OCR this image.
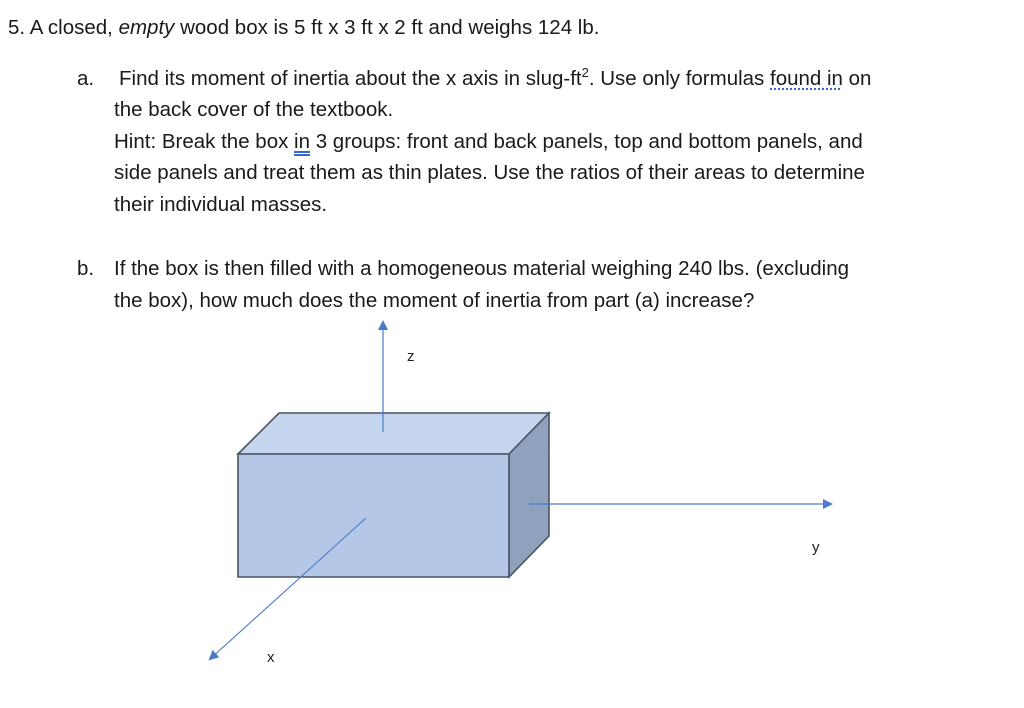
5. A closed, empty wood box is 5 ft x 3 ft x 2 ft and weighs 124 lb.
a. Find its moment of inertia about the x axis in slug-$ft^2$. Use only formulas found in on
the back cover of the textbook.
Hint: Break the box in 3 groups: front and back panels, top and bottom panels, and
side panels and treat them as thin plates. Use the ratios of their areas to determine
their individual masses.
b. If the box is then filled with a homogeneous material weighing 240 lbs. (excluding
the box), how much does the moment of inertia from part (a) increase?
z
y
x
